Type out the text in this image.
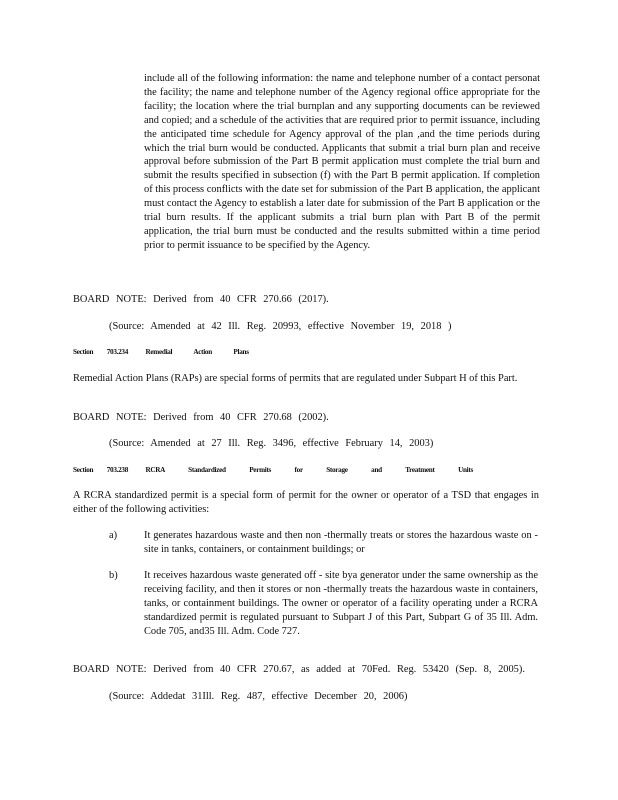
include all of the following information: the name and telephone number of a contact personat the facility; the name and telephone number of the Agency regional office appropriate for the facility; the location where the trial burnplan and any supporting documents can be reviewed and copied; and a schedule of the activities that are required prior to permit issuance, including the anticipated time schedule for Agency approval of the plan ,and the time periods during which the trial burn would be conducted. Applicants that submit a trial burn plan and receive approval before submission of the Part B permit application must complete the trial burn and submit the results specified in subsection (f) with the Part B permit application. If completion of this process conflicts with the date set for submission of the Part B application, the applicant must contact the Agency to establish a later date for submission of the Part B application or the trial burn results. If the applicant submits a trial burn plan with Part B of the permit application, the trial burn must be conducted and the results submitted within a time period prior to permit issuance to be specified by the Agency.

BOARD NOTE: Derived from 40 CFR 270.66 (2017).

(Source: Amended at 42 Ill. Reg. 20993, effective November 19, 2018 )

Section 703.234 Remedial Action Plans

Remedial Action Plans (RAPs) are special forms of permits that are regulated under Subpart H of this Part.

BOARD NOTE: Derived from 40 CFR 270.68 (2002).

(Source: Amended at 27 Ill. Reg. 3496, effective February 14, 2003)

Section 703.238 RCRA Standardized Permits for Storage and Treatment Units

A RCRA standardized permit is a special form of permit for the owner or operator of a TSD that engages in either of the following activities:

a)	It generates hazardous waste and then non -thermally treats or stores the hazardous waste on -site in tanks, containers, or containment buildings; or

b)	It receives hazardous waste generated off - site bya generator under the same ownership as the receiving facility, and then it stores or non -thermally treats the hazardous waste in containers, tanks, or containment buildings. The owner or operator of a facility operating under a RCRA standardized permit is regulated pursuant to Subpart J of this Part, Subpart G of 35 Ill. Adm. Code 705, and35 Ill. Adm. Code 727.

BOARD NOTE: Derived from 40 CFR 270.67, as added at 70Fed. Reg. 53420 (Sep. 8, 2005).

(Source: Addedat 31Ill. Reg. 487, effective December 20, 2006)
